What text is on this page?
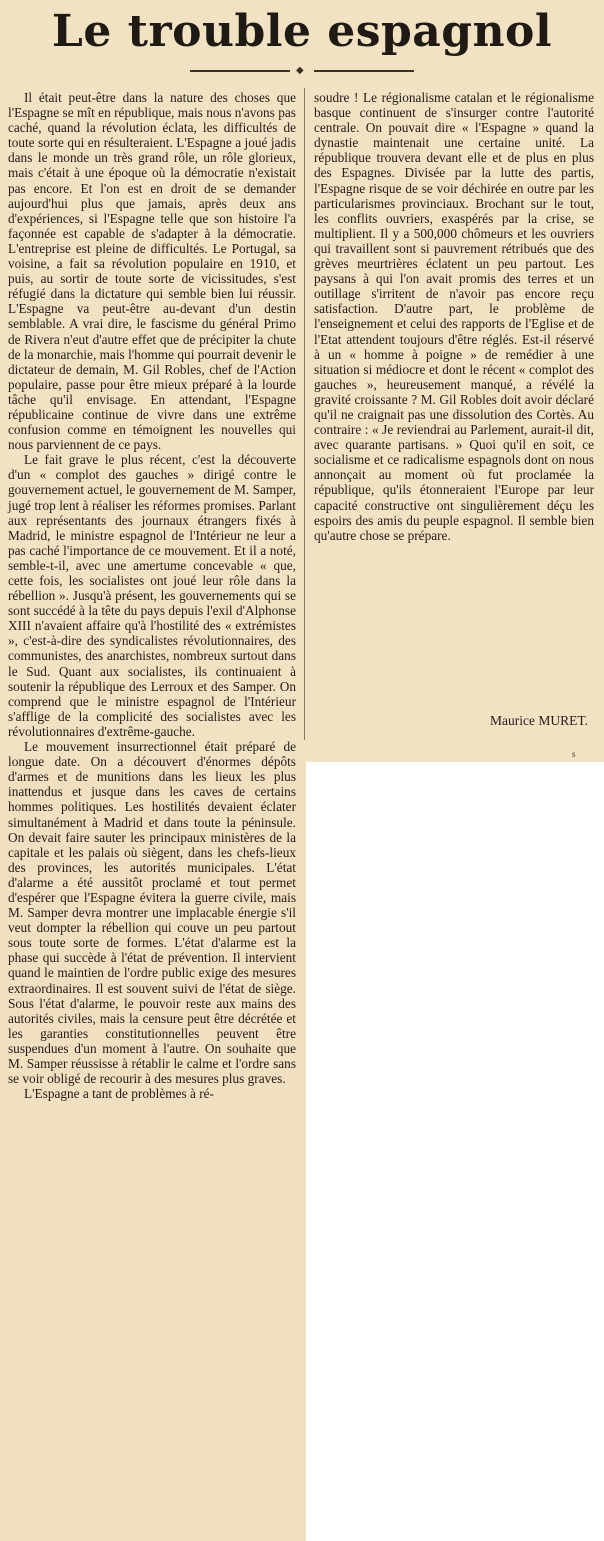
Le trouble espagnol
◆

Il était peut-être dans la nature des choses que l'Espagne se mît en république, mais nous n'avons pas caché, quand la révolution éclata, les difficultés de toute sorte qui en résulteraient. L'Espagne a joué jadis dans le monde un très grand rôle, un rôle glorieux, mais c'était à une époque où la démocratie n'existait pas encore. Et l'on est en droit de se demander aujourd'hui plus que jamais, après deux ans d'expériences, si l'Espagne telle que son histoire l'a façonnée est capable de s'adapter à la démocratie. L'entreprise est pleine de difficultés. Le Portugal, sa voisine, a fait sa révolution populaire en 1910, et puis, au sortir de toute sorte de vicissitudes, s'est réfugié dans la dictature qui semble bien lui réussir. L'Espagne va peut-être au-devant d'un destin semblable. A vrai dire, le fascisme du général Primo de Rivera n'eut d'autre effet que de précipiter la chute de la monarchie, mais l'homme qui pourrait devenir le dictateur de demain, M. Gil Robles, chef de l'Action populaire, passe pour être mieux préparé à la lourde tâche qu'il envisage. En attendant, l'Espagne républicaine continue de vivre dans une extrême confusion comme en témoignent les nouvelles qui nous parviennent de ce pays.

Le fait grave le plus récent, c'est la découverte d'un « complot des gauches » dirigé contre le gouvernement actuel, le gouvernement de M. Samper, jugé trop lent à réaliser les réformes promises. Parlant aux représentants des journaux étrangers fixés à Madrid, le ministre espagnol de l'Intérieur ne leur a pas caché l'importance de ce mouvement. Et il a noté, semble-t-il, avec une amertume concevable « que, cette fois, les socialistes ont joué leur rôle dans la rébellion ». Jusqu'à présent, les gouvernements qui se sont succédé à la tête du pays depuis l'exil d'Alphonse XIII n'avaient affaire qu'à l'hostilité des « extrémistes », c'est-à-dire des syndicalistes révolutionnaires, des communistes, des anarchistes, nombreux surtout dans le Sud. Quant aux socialistes, ils continuaient à soutenir la république des Lerroux et des Samper. On comprend que le ministre espagnol de l'Intérieur s'afflige de la complicité des socialistes avec les révolutionnaires d'extrême-gauche.

Le mouvement insurrectionnel était préparé de longue date. On a découvert d'énormes dépôts d'armes et de munitions dans les lieux les plus inattendus et jusque dans les caves de certains hommes politiques. Les hostilités devaient éclater simultanément à Madrid et dans toute la péninsule. On devait faire sauter les principaux ministères de la capitale et les palais où siègent, dans les chefs-lieux des provinces, les autorités municipales. L'état d'alarme a été aussitôt proclamé et tout permet d'espérer que l'Espagne évitera la guerre civile, mais M. Samper devra montrer une implacable énergie s'il veut dompter la rébellion qui couve un peu partout sous toute sorte de formes. L'état d'alarme est la phase qui succède à l'état de prévention. Il intervient quand le maintien de l'ordre public exige des mesures extraordinaires. Il est souvent suivi de l'état de siège. Sous l'état d'alarme, le pouvoir reste aux mains des autorités civiles, mais la censure peut être décrétée et les garanties constitutionnelles peuvent être suspendues d'un moment à l'autre. On souhaite que M. Samper réussisse à rétablir le calme et l'ordre sans se voir obligé de recourir à des mesures plus graves.

L'Espagne a tant de problèmes à ré-

soudre ! Le régionalisme catalan et le régionalisme basque continuent de s'insurger contre l'autorité centrale. On pouvait dire « l'Espagne » quand la dynastie maintenait une certaine unité. La république trouvera devant elle et de plus en plus des Espagnes. Divisée par la lutte des partis, l'Espagne risque de se voir déchirée en outre par les particularismes provinciaux. Brochant sur le tout, les conflits ouvriers, exaspérés par la crise, se multiplient. Il y a 500,000 chômeurs et les ouvriers qui travaillent sont si pauvrement rétribués que des grèves meurtrières éclatent un peu partout. Les paysans à qui l'on avait promis des terres et un outillage s'irritent de n'avoir pas encore reçu satisfaction. D'autre part, le problème de l'enseignement et celui des rapports de l'Eglise et de l'Etat attendent toujours d'être réglés. Est-il réservé à un « homme à poigne » de remédier à une situation si médiocre et dont le récent « complot des gauches », heureusement manqué, a révélé la gravité croissante ? M. Gil Robles doit avoir déclaré qu'il ne craignait pas une dissolution des Cortès. Au contraire : « Je reviendrai au Parlement, aurait-il dit, avec quarante partisans. » Quoi qu'il en soit, ce socialisme et ce radicalisme espagnols dont on nous annonçait au moment où fut proclamée la république, qu'ils étonneraient l'Europe par leur capacité constructive ont singulièrement déçu les espoirs des amis du peuple espagnol. Il semble bien qu'autre chose se prépare.

Maurice MURET.
s
